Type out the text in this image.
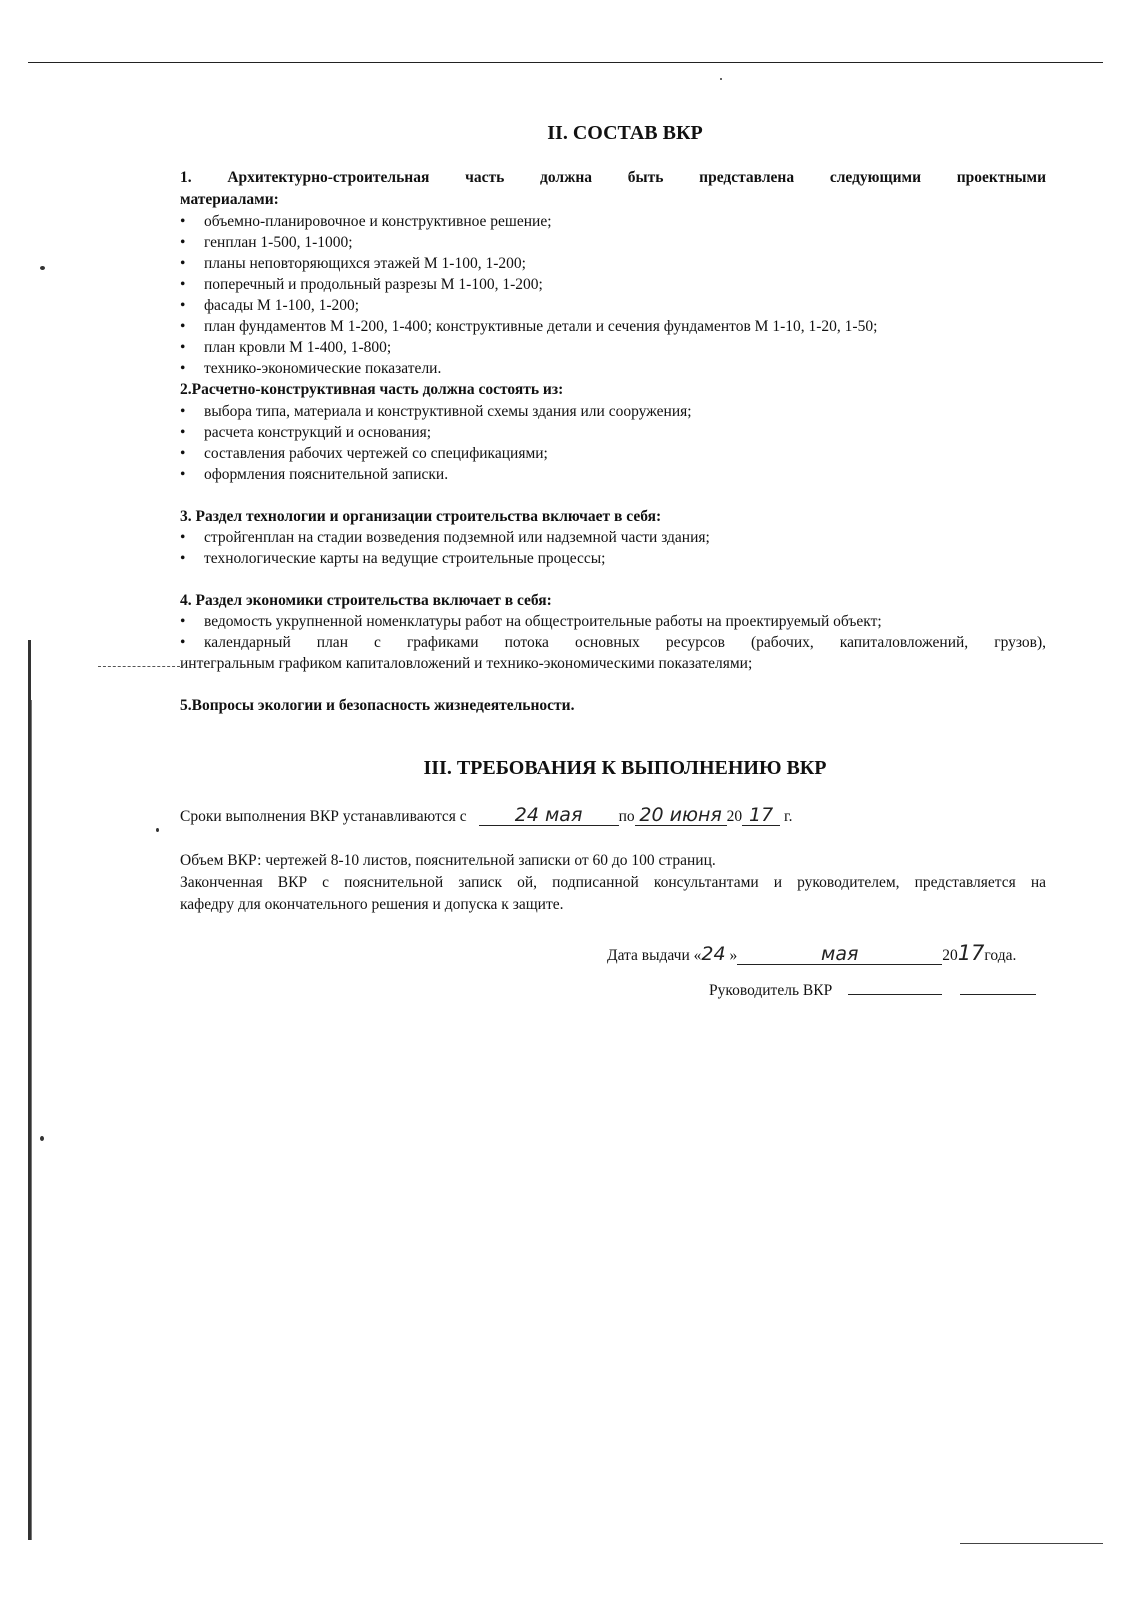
II. СОСТАВ ВКР
1. Архитектурно-строительная часть должна быть представлена следующими проектными
материалами:
• объемно-планировочное и конструктивное решение;
• генплан 1-500, 1-1000;
• планы неповторяющихся этажей М 1-100, 1-200;
• поперечный и продольный разрезы М 1-100, 1-200;
• фасады М 1-100, 1-200;
• план фундаментов М 1-200, 1-400; конструктивные детали и сечения фундаментов М 1-10, 1-20, 1-50;
• план кровли М 1-400, 1-800;
• технико-экономические показатели.
2.Расчетно-конструктивная часть должна состоять из:
• выбора типа, материала и конструктивной схемы здания или сооружения;
• расчета конструкций и основания;
• составления рабочих чертежей со спецификациями;
• оформления пояснительной записки.
3. Раздел технологии и организации строительства включает в себя:
• стройгенплан на стадии возведения подземной или надземной части здания;
• технологические карты на ведущие строительные процессы;
4. Раздел экономики строительства включает в себя:
• ведомость укрупненной номенклатуры работ на общестроительные работы на проектируемый объект;
• календарный план с графиками потока основных ресурсов (рабочих, капиталовложений, грузов),
интегральным графиком капиталовложений и технико-экономическими показателями;
5.Вопросы экологии и безопасность жизнедеятельности.
III. ТРЕБОВАНИЯ К ВЫПОЛНЕНИЮ ВКР
Сроки выполнения ВКР устанавливаются с	24 мая по 20 июня 20 17 г.
Объем ВКР: чертежей 8-10 листов, пояснительной записки от 60 до 100 страниц.
Законченная ВКР с пояснительной записк ой, подписанной консультантами и руководителем, представляется на
кафедру для окончательного решения и допуска к защите.
Дата выдачи «24 »	мая	2017года.
Руководитель ВКР
